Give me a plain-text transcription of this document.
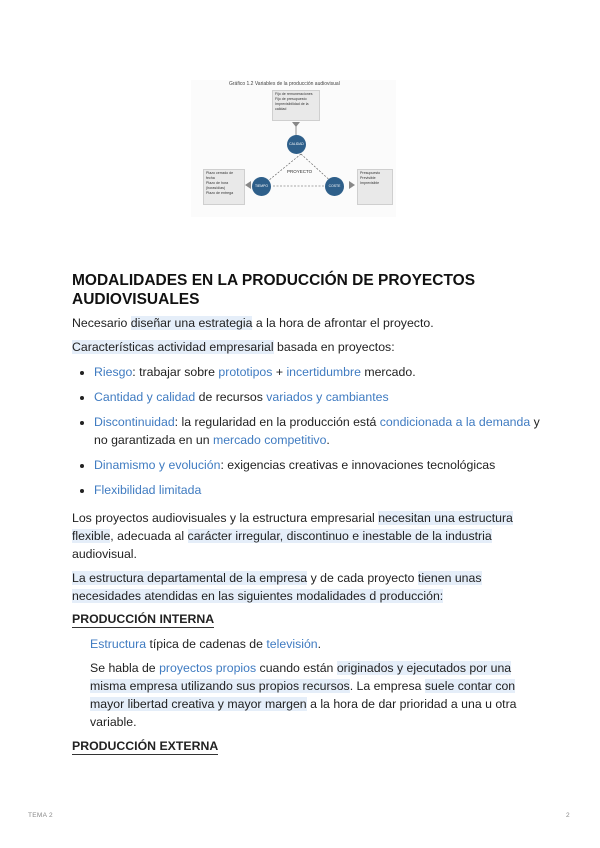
Gráfico 1.2 Variables de la producción audiovisual
Fijo de remuneraciones
Fijo de presupuesto
Imprevisibilidad de la calidad
Plazo cerrado de fecha
Plazo de hora (horas/días)
Plazo de entrega
Presupuesto
Previsible
Imprevisible
CALIDAD
TIEMPO	COSTE
PROYECTO
MODALIDADES EN LA PRODUCCIÓN DE PROYECTOS AUDIOVISUALES

Necesario diseñar una estrategia a la hora de afrontar el proyecto.

Características actividad empresarial basada en proyectos:

• Riesgo: trabajar sobre prototipos + incertidumbre mercado.
• Cantidad y calidad de recursos variados y cambiantes
• Discontinuidad: la regularidad en la producción está condicionada a la demanda y no garantizada en un mercado competitivo.
• Dinamismo y evolución: exigencias creativas e innovaciones tecnológicas
• Flexibilidad limitada

Los proyectos audiovisuales y la estructura empresarial necesitan una estructura flexible, adecuada al carácter irregular, discontinuo e inestable de la industria audiovisual.

La estructura departamental de la empresa y de cada proyecto tienen unas necesidades atendidas en las siguientes modalidades d producción:

PRODUCCIÓN INTERNA

Estructura típica de cadenas de televisión.

Se habla de proyectos propios cuando están originados y ejecutados por una misma empresa utilizando sus propios recursos. La empresa suele contar con mayor libertad creativa y mayor margen a la hora de dar prioridad a una u otra variable.

PRODUCCIÓN EXTERNA
TEMA 2	2
